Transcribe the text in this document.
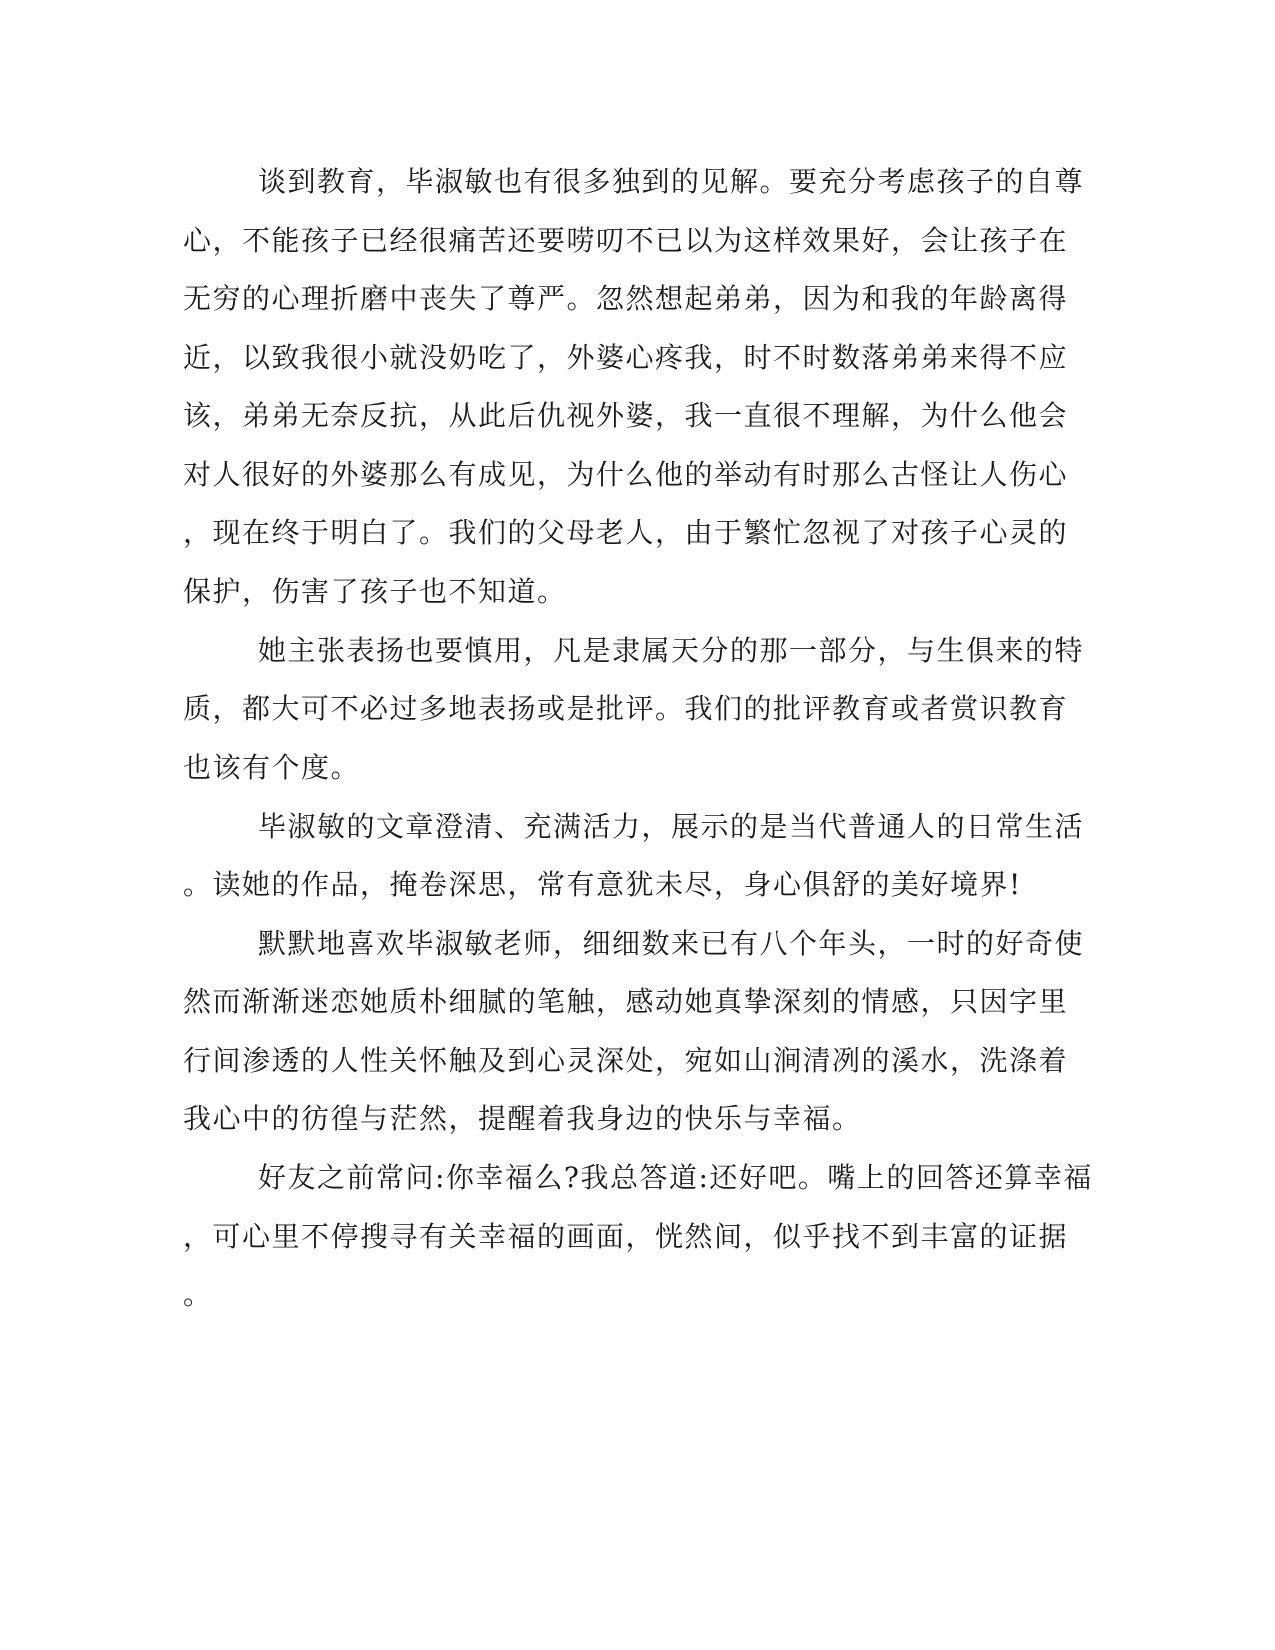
谈到教育，毕淑敏也有很多独到的见解。要充分考虑孩子的自尊
心，不能孩子已经很痛苦还要唠叨不已以为这样效果好，会让孩子在
无穷的心理折磨中丧失了尊严。忽然想起弟弟，因为和我的年龄离得
近，以致我很小就没奶吃了，外婆心疼我，时不时数落弟弟来得不应
该，弟弟无奈反抗，从此后仇视外婆，我一直很不理解，为什么他会
对人很好的外婆那么有成见，为什么他的举动有时那么古怪让人伤心
，现在终于明白了。我们的父母老人，由于繁忙忽视了对孩子心灵的
保护，伤害了孩子也不知道。
她主张表扬也要慎用，凡是隶属天分的那一部分，与生俱来的特
质，都大可不必过多地表扬或是批评。我们的批评教育或者赏识教育
也该有个度。
毕淑敏的文章澄清、充满活力，展示的是当代普通人的日常生活
。读她的作品，掩卷深思，常有意犹未尽，身心俱舒的美好境界!
默默地喜欢毕淑敏老师，细细数来已有八个年头，一时的好奇使
然而渐渐迷恋她质朴细腻的笔触，感动她真挚深刻的情感，只因字里
行间渗透的人性关怀触及到心灵深处，宛如山涧清冽的溪水，洗涤着
我心中的彷徨与茫然，提醒着我身边的快乐与幸福。
好友之前常问:你幸福么?我总答道:还好吧。嘴上的回答还算幸福
，可心里不停搜寻有关幸福的画面，恍然间，似乎找不到丰富的证据
。
